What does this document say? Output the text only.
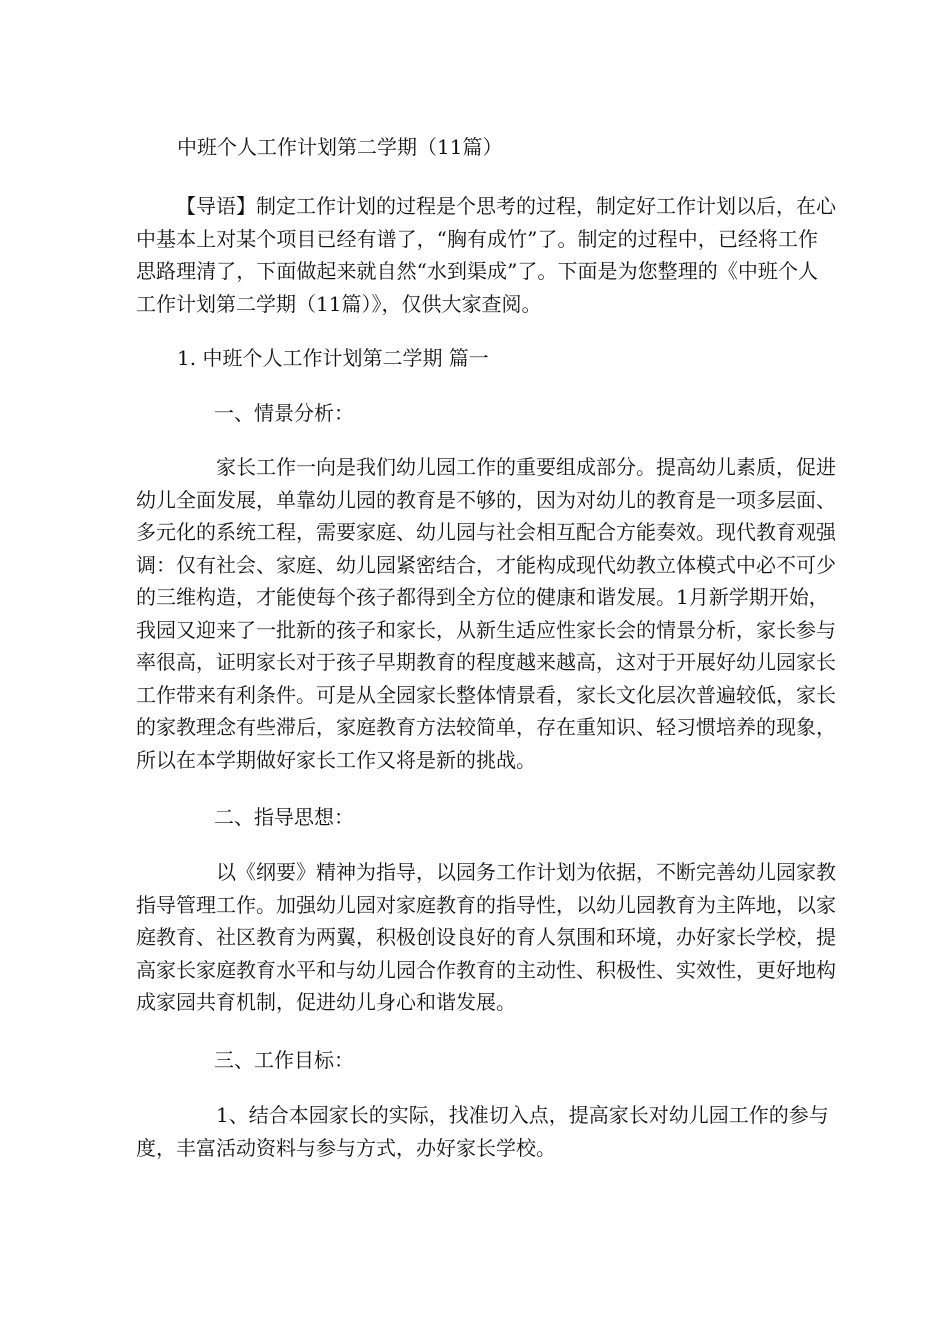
中班个人工作计划第二学期（11篇）
【导语】制定工作计划的过程是个思考的过程，制定好工作计划以后，在心
中基本上对某个项目已经有谱了，“胸有成竹”了。制定的过程中，已经将工作
思路理清了，下面做起来就自然“水到渠成”了。下面是为您整理的《中班个人
工作计划第二学期（11篇）》，仅供大家查阅。
1. 中班个人工作计划第二学期 篇一
一、情景分析：
家长工作一向是我们幼儿园工作的重要组成部分。提高幼儿素质，促进
幼儿全面发展，单靠幼儿园的教育是不够的，因为对幼儿的教育是一项多层面、
多元化的系统工程，需要家庭、幼儿园与社会相互配合方能奏效。现代教育观强
调：仅有社会、家庭、幼儿园紧密结合，才能构成现代幼教立体模式中必不可少
的三维构造，才能使每个孩子都得到全方位的健康和谐发展。1月新学期开始，
我园又迎来了一批新的孩子和家长，从新生适应性家长会的情景分析，家长参与
率很高，证明家长对于孩子早期教育的程度越来越高，这对于开展好幼儿园家长
工作带来有利条件。可是从全园家长整体情景看，家长文化层次普遍较低，家长
的家教理念有些滞后，家庭教育方法较简单，存在重知识、轻习惯培养的现象，
所以在本学期做好家长工作又将是新的挑战。
二、指导思想：
以《纲要》精神为指导，以园务工作计划为依据，不断完善幼儿园家教
指导管理工作。加强幼儿园对家庭教育的指导性，以幼儿园教育为主阵地，以家
庭教育、社区教育为两翼，积极创设良好的育人氛围和环境，办好家长学校，提
高家长家庭教育水平和与幼儿园合作教育的主动性、积极性、实效性，更好地构
成家园共育机制，促进幼儿身心和谐发展。
三、工作目标：
1、结合本园家长的实际，找准切入点，提高家长对幼儿园工作的参与
度，丰富活动资料与参与方式，办好家长学校。
